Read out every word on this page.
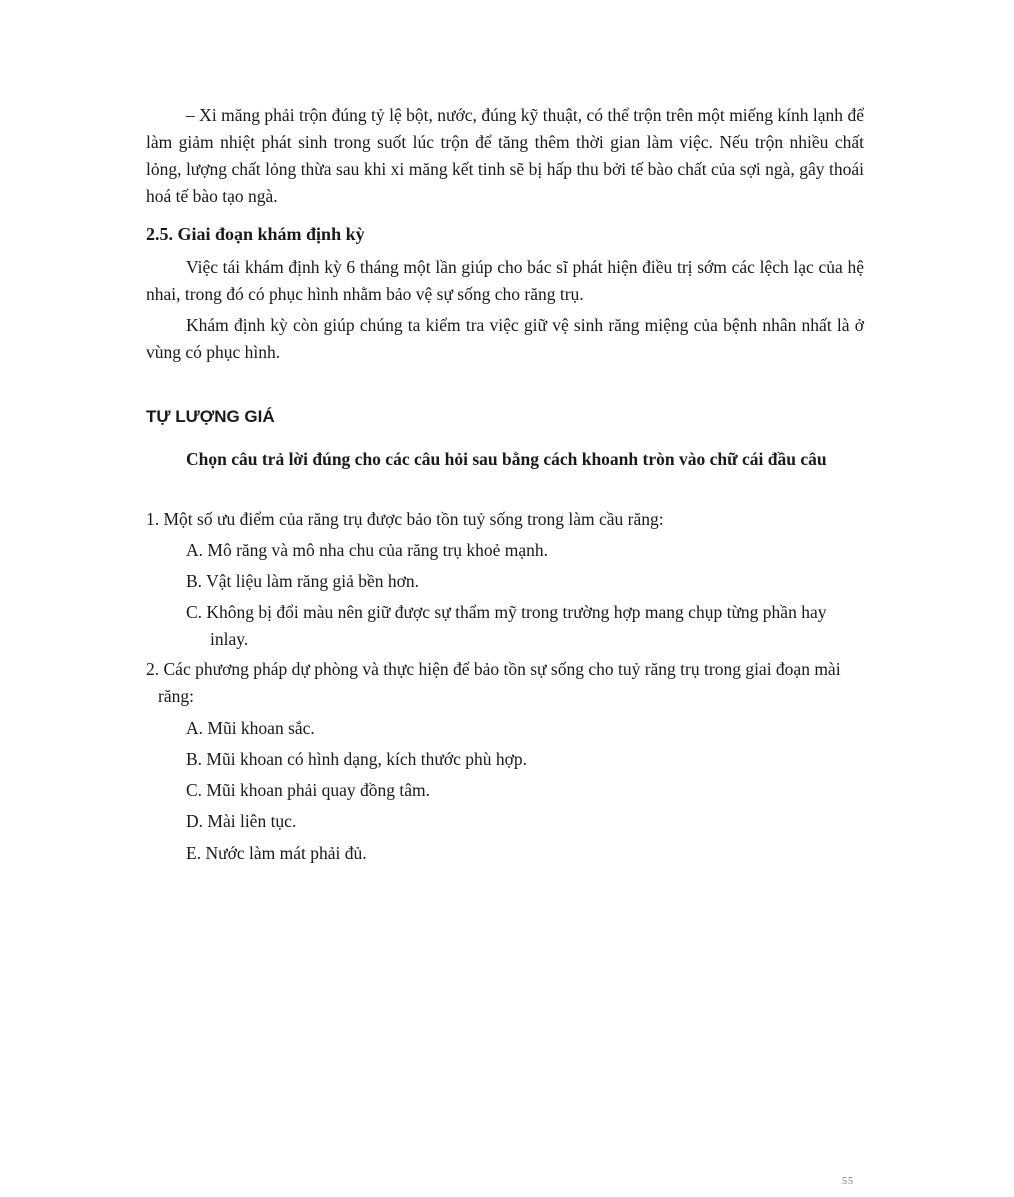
– Xi măng phải trộn đúng tỷ lệ bột, nước, đúng kỹ thuật, có thể trộn trên một miếng kính lạnh để làm giảm nhiệt phát sinh trong suốt lúc trộn để tăng thêm thời gian làm việc. Nếu trộn nhiều chất lỏng, lượng chất lỏng thừa sau khi xi măng kết tinh sẽ bị hấp thu bởi tế bào chất của sợi ngà, gây thoái hoá tế bào tạo ngà.

2.5. Giai đoạn khám định kỳ

Việc tái khám định kỳ 6 tháng một lần giúp cho bác sĩ phát hiện điều trị sớm các lệch lạc của hệ nhai, trong đó có phục hình nhằm bảo vệ sự sống cho răng trụ.

Khám định kỳ còn giúp chúng ta kiểm tra việc giữ vệ sinh răng miệng của bệnh nhân nhất là ở vùng có phục hình.

TỰ LƯỢNG GIÁ

Chọn câu trả lời đúng cho các câu hỏi sau bằng cách khoanh tròn vào chữ cái đầu câu

1. Một số ưu điểm của răng trụ được bảo tồn tuỷ sống trong làm cầu răng:

A. Mô răng và mô nha chu của răng trụ khoẻ mạnh.

B. Vật liệu làm răng giả bền hơn.

C. Không bị đổi màu nên giữ được sự thẩm mỹ trong trường hợp mang chụp từng phần hay inlay.

2. Các phương pháp dự phòng và thực hiện để bảo tồn sự sống cho tuỷ răng trụ trong giai đoạn mài răng:

A. Mũi khoan sắc.

B. Mũi khoan có hình dạng, kích thước phù hợp.

C. Mũi khoan phải quay đồng tâm.

D. Mài liên tục.

E. Nước làm mát phải đủ.

55
